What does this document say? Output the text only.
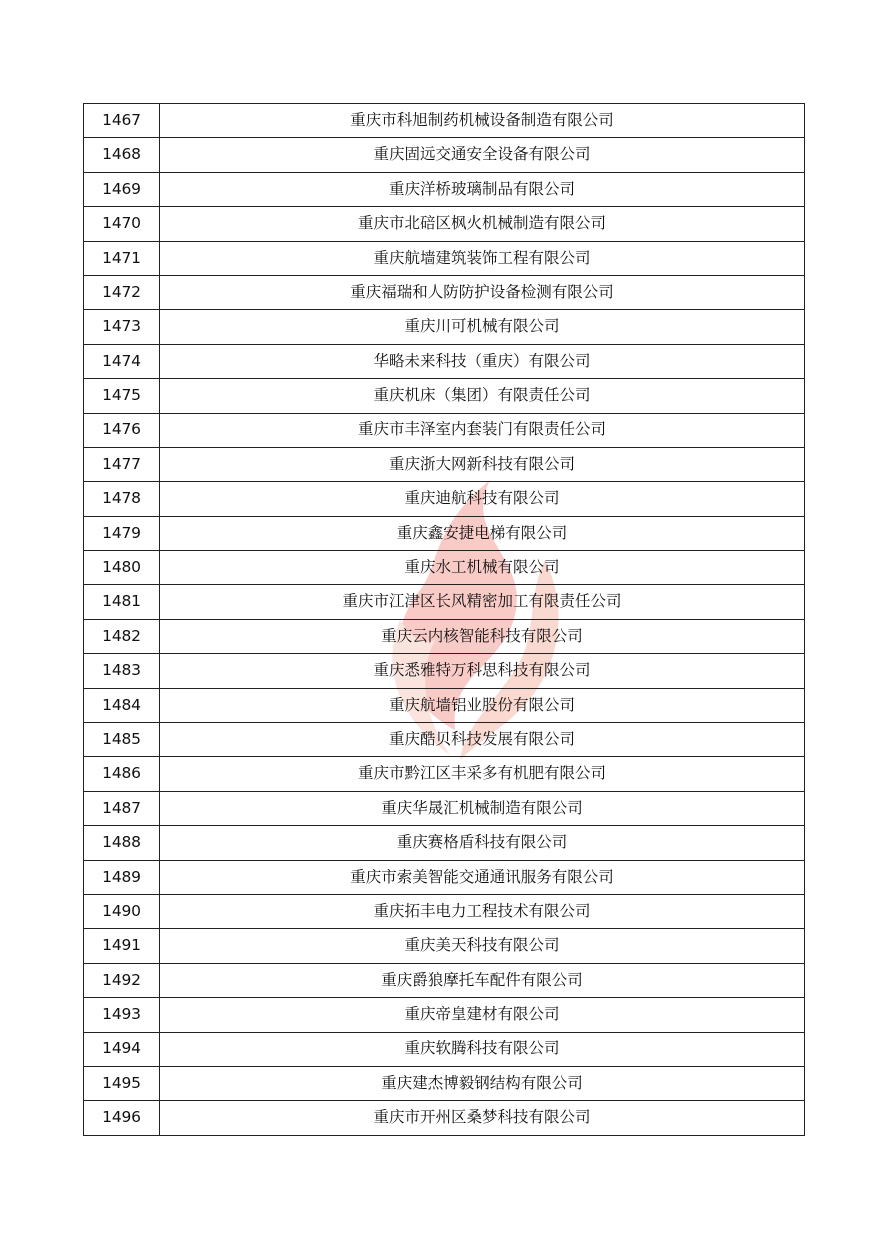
1467	重庆市科旭制药机械设备制造有限公司
1468	重庆固远交通安全设备有限公司
1469	重庆洋桥玻璃制品有限公司
1470	重庆市北碚区枫火机械制造有限公司
1471	重庆航墙建筑装饰工程有限公司
1472	重庆福瑞和人防防护设备检测有限公司
1473	重庆川可机械有限公司
1474	华略未来科技（重庆）有限公司
1475	重庆机床（集团）有限责任公司
1476	重庆市丰泽室内套装门有限责任公司
1477	重庆浙大网新科技有限公司
1478	重庆迪航科技有限公司
1479	重庆鑫安捷电梯有限公司
1480	重庆水工机械有限公司
1481	重庆市江津区长风精密加工有限责任公司
1482	重庆云内核智能科技有限公司
1483	重庆悉雅特万科思科技有限公司
1484	重庆航墙铝业股份有限公司
1485	重庆酷贝科技发展有限公司
1486	重庆市黔江区丰采多有机肥有限公司
1487	重庆华晟汇机械制造有限公司
1488	重庆赛格盾科技有限公司
1489	重庆市索美智能交通通讯服务有限公司
1490	重庆拓丰电力工程技术有限公司
1491	重庆美天科技有限公司
1492	重庆爵狼摩托车配件有限公司
1493	重庆帝皇建材有限公司
1494	重庆软腾科技有限公司
1495	重庆建杰博毅钢结构有限公司
1496	重庆市开州区桑梦科技有限公司
